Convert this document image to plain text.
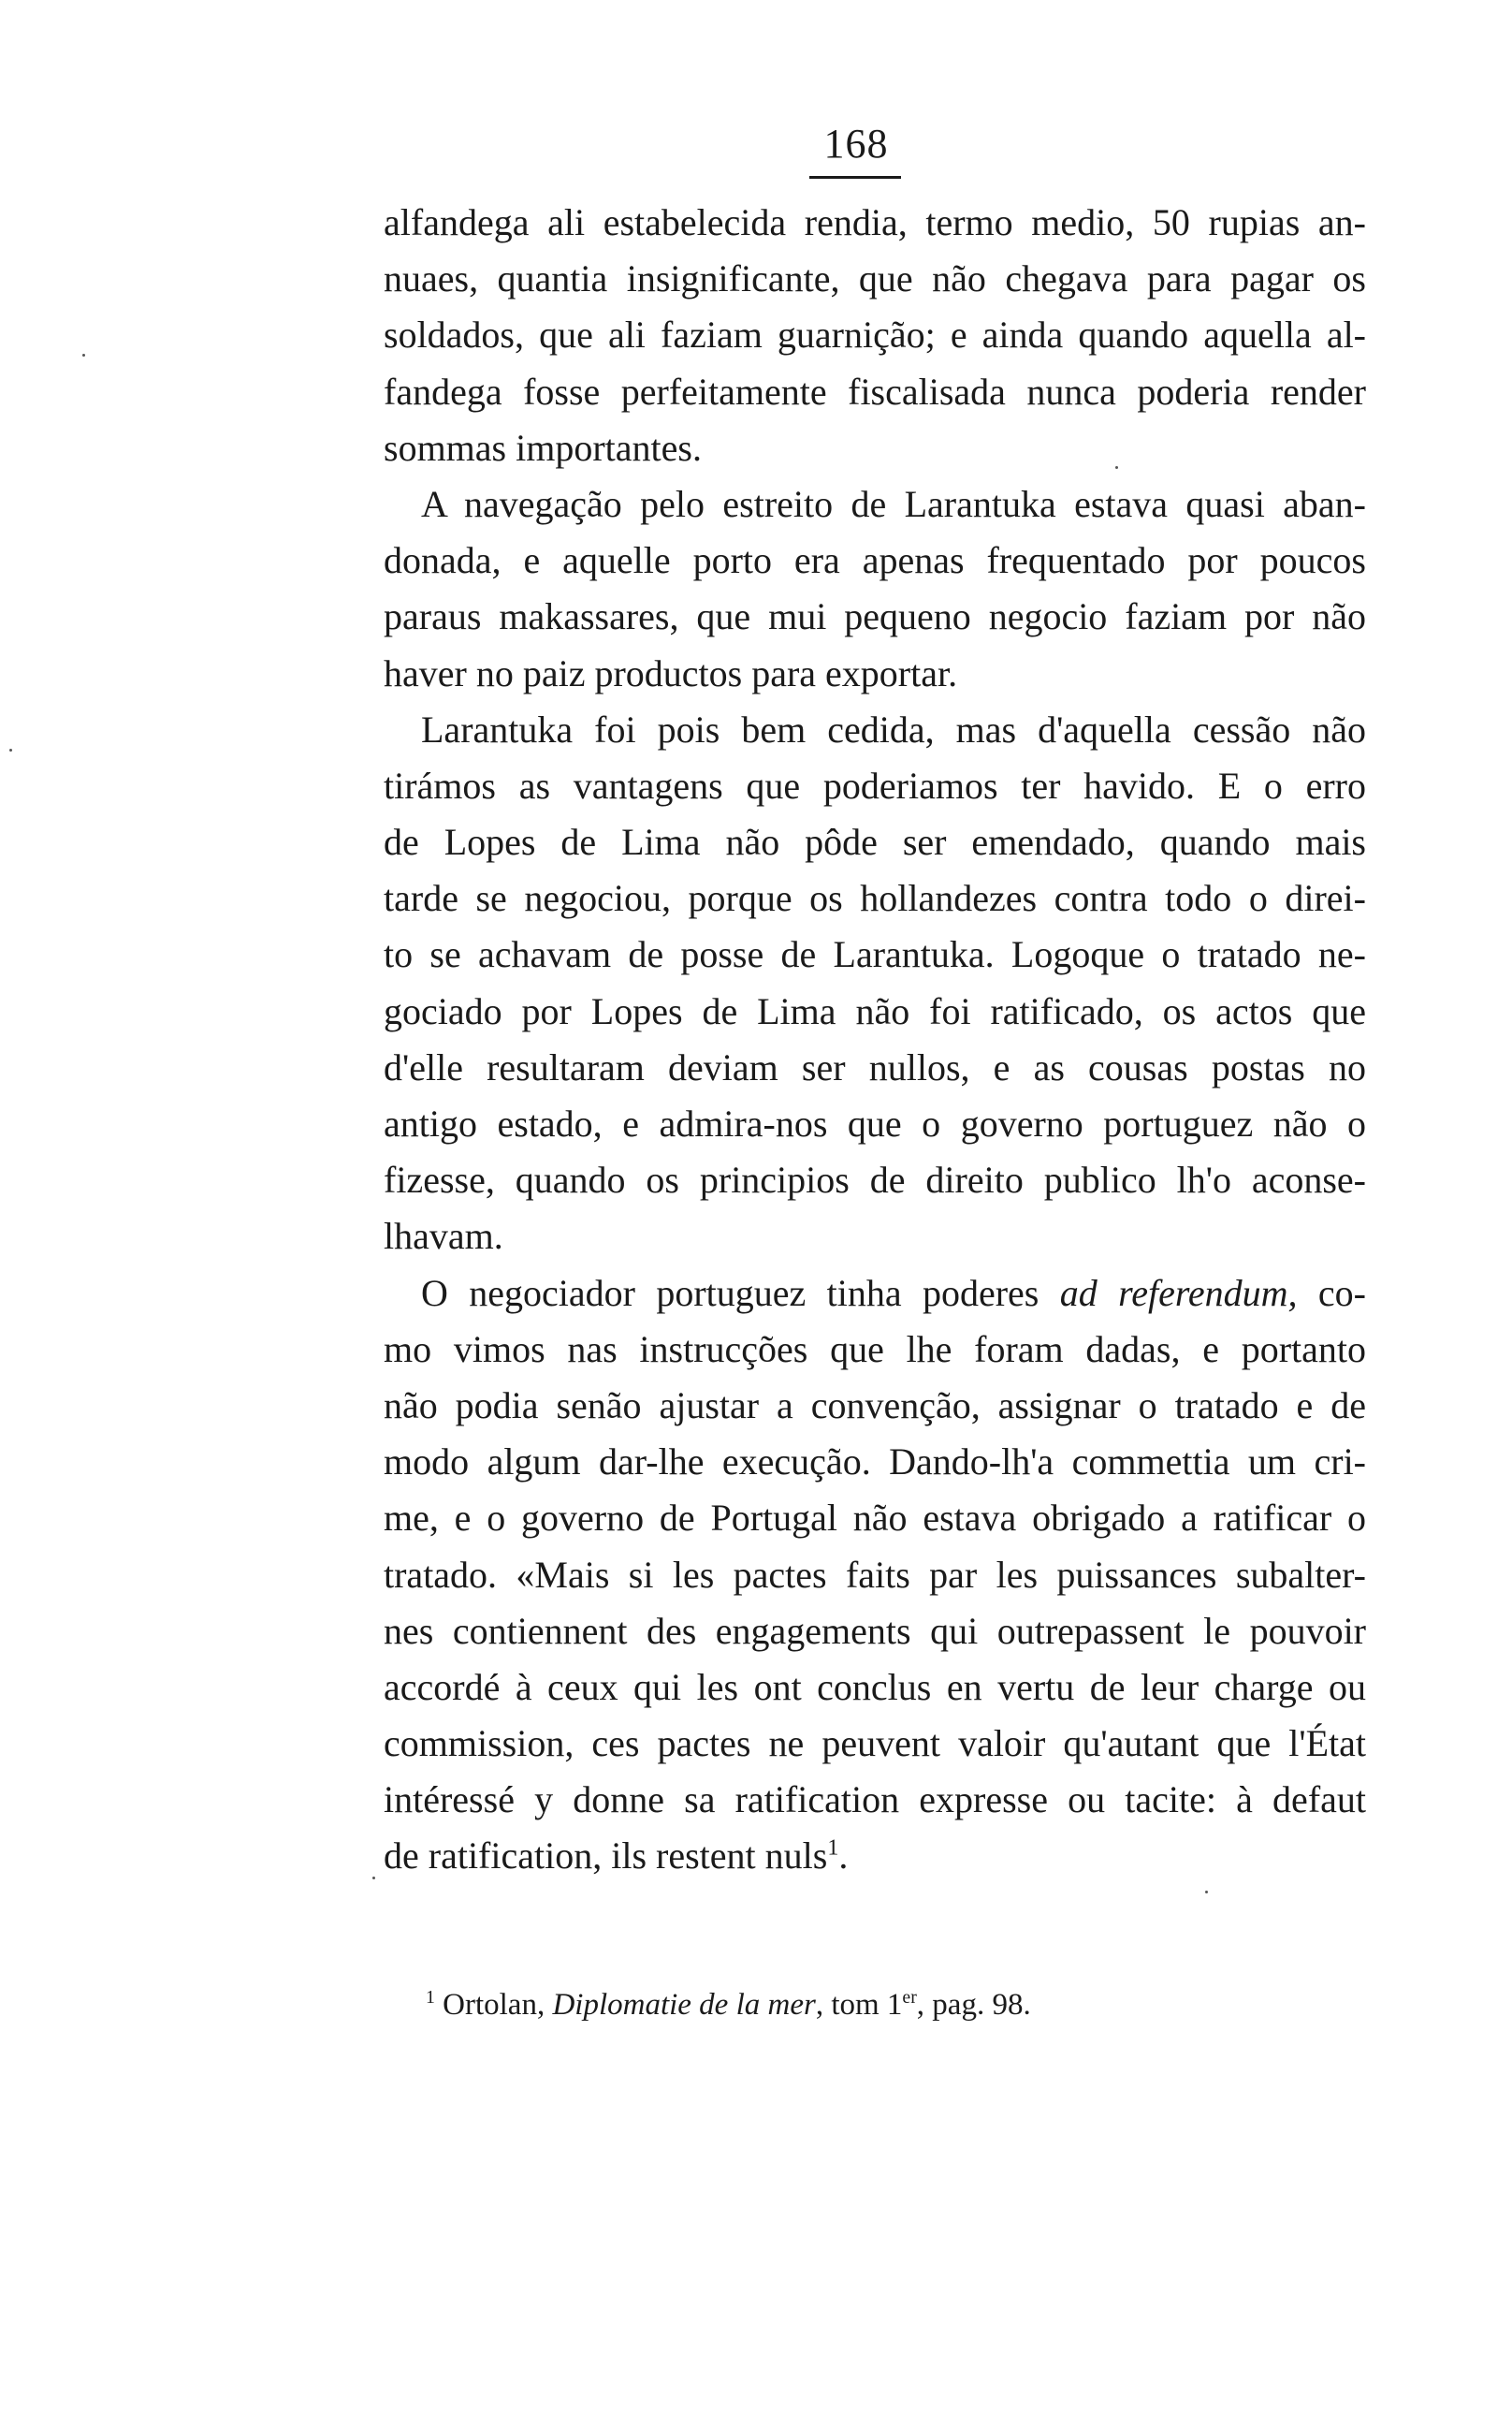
168
alfandega ali estabelecida rendia, termo medio, 50 rupias an-
nuaes, quantia insignificante, que não chegava para pagar os
soldados, que ali faziam guarnição; e ainda quando aquella al-
fandega fosse perfeitamente fiscalisada nunca poderia render
sommas importantes.
A navegação pelo estreito de Larantuka estava quasi aban-
donada, e aquelle porto era apenas frequentado por poucos
paraus makassares, que mui pequeno negocio faziam por não
haver no paiz productos para exportar.
Larantuka foi pois bem cedida, mas d'aquella cessão não
tirámos as vantagens que poderiamos ter havido. E o erro
de Lopes de Lima não pôde ser emendado, quando mais
tarde se negociou, porque os hollandezes contra todo o direi-
to se achavam de posse de Larantuka. Logoque o tratado ne-
gociado por Lopes de Lima não foi ratificado, os actos que
d'elle resultaram deviam ser nullos, e as cousas postas no
antigo estado, e admira-nos que o governo portuguez não o
fizesse, quando os principios de direito publico lh'o aconse-
lhavam.
O negociador portuguez tinha poderes ad referendum, co-
mo vimos nas instrucções que lhe foram dadas, e portanto
não podia senão ajustar a convenção, assignar o tratado e de
modo algum dar-lhe execução. Dando-lh'a commettia um cri-
me, e o governo de Portugal não estava obrigado a ratificar o
tratado. «Mais si les pactes faits par les puissances subalter-
nes contiennent des engagements qui outrepassent le pouvoir
accordé à ceux qui les ont conclus en vertu de leur charge ou
commission, ces pactes ne peuvent valoir qu'autant que l'État
intéressé y donne sa ratification expresse ou tacite: à defaut
de ratification, ils restent nuls$^1$.
$^1$ Ortolan, Diplomatie de la mer, tom 1er, pag. 98.
